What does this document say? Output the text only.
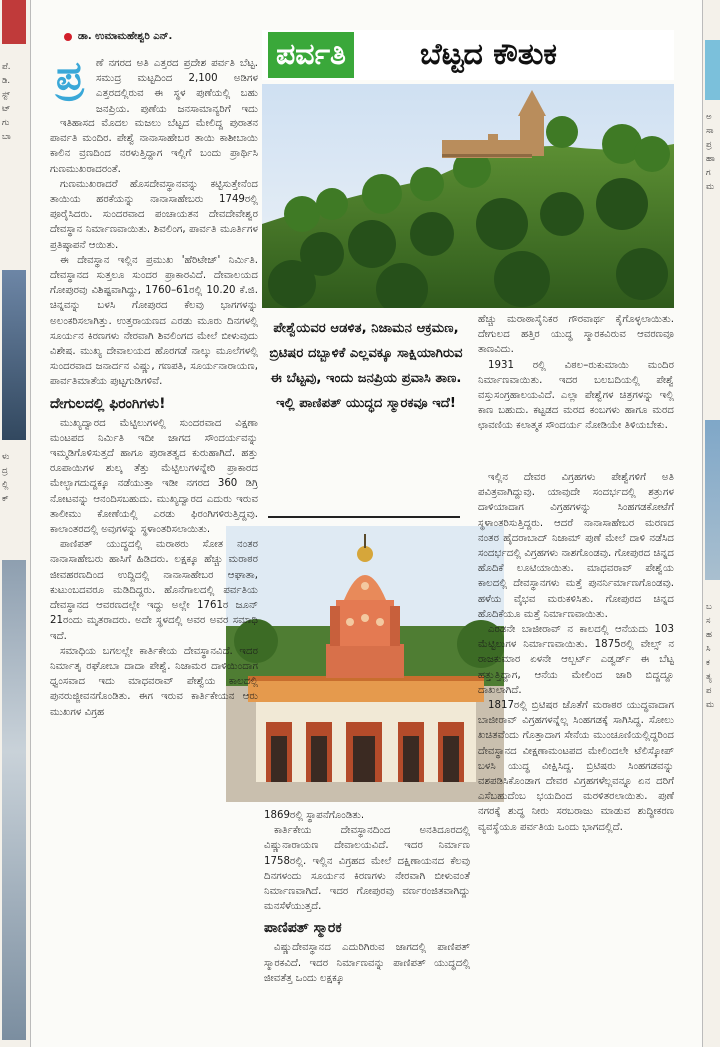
ಪೆ.
ಡಿ.
ಸ್ಟ್
ಟ್
ಗು
ಬಾ
ಳು
ದ್ರ
ಲ್ಲಿ
ಕ್
ಅ
ಸಾ
ಪ್ರ
ಹಾ
ಗ
ಮ
ಬ
ಸ
ಹ
ಸಿ
ಕ
ತ್ಯ
ಪ
ಮ
ಪರ್ವತಿ ಬೆಟ್ಟದ ಕೌತುಕ
ಪೇಶ್ವೆಯವರ ಆಡಳಿತ, ನಿಜಾಮನ ಆಕ್ರಮಣ, ಬ್ರಿಟಿಷರ ದಬ್ಬಾಳಿಕೆ ಎಲ್ಲವಕ್ಕೂ ಸಾಕ್ಷಿಯಾಗಿರುವ ಈ ಬೆಟ್ಟವು, ಇಂದು ಜನಪ್ರಿಯ ಪ್ರವಾಸಿ ತಾಣ. ಇಲ್ಲಿ ಪಾಣಿಪತ್ ಯುದ್ಧದ ಸ್ಮಾರಕವೂ ಇದೆ!
ಡಾ. ಉಮಾಮಹೇಶ್ವರಿ ಎನ್.
ಪ್ರ ಣೆ ನಗರದ ಅತಿ ಎತ್ತರದ ಪ್ರದೇಶ ಪರ್ವತಿ ಬೆಟ್ಟ. ಸಮುದ್ರ ಮಟ್ಟದಿಂದ 2,100 ಅಡಿಗಳ ಎತ್ತರದಲ್ಲಿರುವ ಈ ಸ್ಥಳ ಪುಣೆಯಲ್ಲಿ ಬಹು ಜನಪ್ರಿಯ. ಪುಣೆಯ ಜನಸಾಮಾನ್ಯರಿಗೆ ಇದು

ಇತಿಹಾಸದ ಮೊದಲ ಮಜಲು ಬೆಟ್ಟದ ಮೇಲಿದ್ದ ಪುರಾತನ ಪಾರ್ವತಿ ಮಂದಿರ. ಪೇಶ್ವೆ ನಾನಾಸಾಹೇಬರ ತಾಯಿ ಕಾಶೀಬಾಯಿ ಕಾಲಿನ ವ್ರಣದಿಂದ ನರಳುತ್ತಿದ್ದಾಗ ಇಲ್ಲಿಗೆ ಬಂದು ಪ್ರಾರ್ಥಿಸಿ ಗುಣಮುಖರಾದರಂತೆ.

ಗುಣಮುಖರಾದರೆ ಹೊಸದೇವಸ್ಥಾನವನ್ನು ಕಟ್ಟಿಸುತ್ತೇನೆಂದ ತಾಯಿಯ ಹರಕೆಯನ್ನು ನಾನಾಸಾಹೇಬರು 1749ರಲ್ಲಿ ಪೂರೈಸಿದರು. ಸುಂದರವಾದ ಪಂಚಾಯತನ ದೇವದೇವೇಶ್ವರ ದೇವಸ್ಥಾನ ನಿರ್ಮಾಣವಾಯಿತು. ಶಿವಲಿಂಗ, ಪಾರ್ವತಿ ಮೂರ್ತಿಗಳ ಪ್ರತಿಷ್ಠಾಪನೆ ಆಯಿತು.

ಈ ದೇವಸ್ಥಾನ ಇಲ್ಲಿನ ಪ್ರಮುಖ 'ಹೆರಿಟೇಜ್' ನಿರ್ಮಿತಿ. ದೇವಸ್ಥಾನದ ಸುತ್ತಲೂ ಸುಂದರ ಪ್ರಾಕಾರವಿದೆ. ದೇವಾಲಯದ ಗೋಪುರವು ವಿಶಿಷ್ಟವಾಗಿದ್ದು, 1760–61ರಲ್ಲಿ 10.20 ಕೆ.ಜಿ. ಚಿನ್ನವನ್ನು ಬಳಸಿ ಗೋಪುರದ ಕೆಲವು ಭಾಗಗಳನ್ನು ಅಲಂಕರಿಸಲಾಗಿತ್ತು. ಉತ್ತರಾಯಣದ ಎರಡು ಮೂರು ದಿನಗಳಲ್ಲಿ ಸೂರ್ಯನ ಕಿರಣಗಳು ನೇರವಾಗಿ ಶಿವಲಿಂಗದ ಮೇಲೆ ಬೀಳುವುದು ವಿಶೇಷ. ಮುಖ್ಯ ದೇವಾಲಯದ ಹೊರಗಡೆ ನಾಲ್ಕು ಮೂಲೆಗಳಲ್ಲಿ ಸುಂದರವಾದ ಜನಾರ್ದನ ವಿಷ್ಣು, ಗಣಪತಿ, ಸೂರ್ಯನಾರಾಯಣ, ಪಾರ್ವತಿಮಾತೆಯ ಪುಟ್ಟಗುಡಿಗಳಿವೆ.

ದೇಗುಲದಲ್ಲಿ ಫಿರಂಗಿಗಳು!

ಮುಖ್ಯದ್ವಾರದ ಮೆಟ್ಟಿಲುಗಳಲ್ಲಿ ಸುಂದರವಾದ ವಿಕ್ಷಣಾ ಮಂಟಪದ ನಿರ್ಮಿತಿ ಇದೀ ಜಾಗದ ಸೌಂದರ್ಯವನ್ನು ಇಮ್ಮಡಿಗೊಳಿಸುತ್ತದೆ ಹಾಗೂ ಪುರಾತತ್ವದ ಕುರುಹಾಗಿದೆ. ಹತ್ತು ರೂಪಾಯಿಗಳ ಶುಲ್ಕ ತೆತ್ತು ಮೆಟ್ಟಿಲುಗಳನ್ನೇರಿ ಪ್ರಾಕಾರದ ಮೇಲ್ಭಾಗದುದ್ದಕ್ಕೂ ನಡೆಯುತ್ತಾ ಇಡೀ ನಗರದ 360 ಡಿಗ್ರಿ ನೋಟವನ್ನು ಆನಂದಿಸಬಹುದು. ಮುಖ್ಯದ್ವಾರದ ಎದುರು ಇರುವ ತಾಲೀಮು ಕೋಣೆಯಲ್ಲಿ ಎರಡು ಫಿರಂಗಿಗಳಿರುತ್ತಿದ್ದವು. ಕಾಲಾಂತರದಲ್ಲಿ ಅವುಗಳನ್ನು ಸ್ಥಳಾಂತರಿಸಲಾಯಿತು.

ಪಾಣಿಪತ್ ಯುದ್ಧದಲ್ಲಿ ಮರಾಠರು ಸೋತ ನಂತರ ನಾನಾಸಾಹೇಬರು ಹಾಸಿಗೆ ಹಿಡಿದರು. ಲಕ್ಷಕ್ಕೂ ಹೆಚ್ಚು ಮರಾಠರ ಜೀವಹರಣದಿಂದ ಉದ್ದಿದಲ್ಲಿ ನಾನಾಸಾಹೇಬರ ಆಘಾತಾ, ಕುಟುಂಬದವರೂ ಮಡಿದಿದ್ದರು. ಹೊನೆಗಾಲದಲ್ಲಿ ಪರ್ವತಿಯ ದೇವಸ್ಥಾನದ ಆವರಣದಲ್ಲೇ ಇದ್ದು ಅಲ್ಲೇ 1761ರ ಜೂನ್ 21ರಂದು ಮೃತರಾದರು. ಅದೇ ಸ್ಥಳದಲ್ಲಿ ಅವರ ಅವರ ಸಮಾಧಿ ಇದೆ.

ಸಮಾಧಿಯ ಬಗಲಲ್ಲೇ ಕಾರ್ತಿಕೇಯ ದೇವಸ್ಥಾನವಿದೆ. ಇದರ ನಿರ್ಮಾತೃ ರಘೋಬಾ ದಾದಾ ಪೇಶ್ವೆ. ನಿಜಾಮರ ದಾಳಿಯಿಂದಾಗ ಧ್ವಂಸವಾದ ಇದು ಮಾಧವರಾವ್ ಪೇಶ್ವೆಯ ಕಾಲದಲ್ಲಿ ಪುನರುಜ್ಜೀವನಗೊಂಡಿತು. ಈಗ ಇರುವ ಕಾರ್ತಿಕೇಯನ ಆರು ಮುಖಗಳ ವಿಗ್ರಹ

1869ರಲ್ಲಿ ಸ್ಥಾಪನೆಗೊಂಡಿತು.

ಕಾರ್ತಿಕೇಯ ದೇವಸ್ಥಾನದಿಂದ ಅನತಿದೂರದಲ್ಲಿ ವಿಷ್ಣುನಾರಾಯಣ ದೇವಾಲಯವಿದೆ. ಇದರ ನಿರ್ಮಾಣ 1758ರಲ್ಲಿ. ಇಲ್ಲಿನ ವಿಗ್ರಹದ ಮೇಲೆ ದಕ್ಷಿಣಾಯನದ ಕೆಲವು ದಿನಗಳಂದು ಸೂರ್ಯನ ಕಿರಣಗಳು ನೇರವಾಗಿ ಬೀಳುವಂತೆ ನಿರ್ಮಾಣವಾಗಿದೆ. ಇದರ ಗೋಪುರವು ವರ್ಣರಂಜಿತವಾಗಿದ್ದು ಮನಸೆಳೆಯುತ್ತದೆ.

ಪಾಣಿಪತ್ ಸ್ಮಾರಕ

ವಿಷ್ಣುದೇವಸ್ಥಾನದ ಎದುರಿಗಿರುವ ಜಾಗದಲ್ಲಿ ಪಾಣಿಪತ್ ಸ್ಮಾರಕವಿದೆ. ಇದರ ನಿರ್ಮಾಣವನ್ನು ಪಾಣಿಪತ್ ಯುದ್ಧದಲ್ಲಿ ಜೀವತೆತ್ತ ಒಂದು ಲಕ್ಷಕ್ಕೂ

ಹೆಚ್ಚು ಮರಾಠಾಸೈನಿಕರ ಗೌರವಾರ್ಥ ಕೈಗೊಳ್ಳಲಾಯಿತು. ದೇಗುಲದ ಹತ್ತಿರ ಯುದ್ಧ ಸ್ಮಾರಕವಿರುವ ಆವರಣವೂ ತಾಣವಿದು.

1931 ರಲ್ಲಿ ವಿಠಲ–ರುಕುಮಾಯಿ ಮಂದಿರ ನಿರ್ಮಾಣವಾಯಿತು. ಇದರ ಬಲಬದಿಯಲ್ಲಿ ಪೇಶ್ವೆ ವಸ್ತುಸಂಗ್ರಹಾಲಯವಿದೆ. ಎಲ್ಲಾ ಪೇಶ್ವೆಗಳ ಚಿತ್ರಗಳನ್ನು ಇಲ್ಲಿ ಕಾಣ ಬಹುದು. ಕಟ್ಟಡದ ಮರದ ಕಂಬಗಳು ಹಾಗೂ ಮರದ ಛಾವಣಿಯ ಕಲಾತ್ಮಕ ಸೌಂದರ್ಯ ನೋಡಿಯೇ ತಿಳಿಯಬೇಕು.

ಇಲ್ಲಿನ ದೇವರ ವಿಗ್ರಹಗಳು ಪೇಶ್ವೆಗಳಿಗೆ ಅತಿ ಪವಿತ್ರವಾಗಿದ್ದುವು. ಯಾವುದೇ ಸಂದರ್ಭದಲ್ಲಿ ಶತ್ರುಗಳ ದಾಳಿಯಾದಾಗ ವಿಗ್ರಹಗಳನ್ನು ಸಿಂಹಗಡಕೋಟೆಗೆ ಸ್ಥಳಾಂತರಿಸುತ್ತಿದ್ದರು. ಆದರೆ ನಾನಾಸಾಹೇಬರ ಮರಣದ ನಂತರ ಹೈದರಾಬಾದ್ ನಿಜಾಮ್ ಪುಣೆ ಮೇಲೆ ದಾಳಿ ನಡೆಸಿದ ಸಂದರ್ಭದಲ್ಲಿ ವಿಗ್ರಹಗಳು ನಾಶಗೊಂಡವು. ಗೋಪುರದ ಚಿನ್ನದ ಹೊದಿಕೆ ಲೂಟಿಯಾಯಿತು. ಮಾಧವರಾವ್ ಪೇಶ್ವೆಯ ಕಾಲದಲ್ಲಿ ದೇವಸ್ಥಾನಗಳು ಮತ್ತೆ ಪುನರ್ನಿರ್ಮಾಣಗೊಂಡವು. ಹಳೆಯ ವೈಭವ ಮರುಕಳಿಸಿತು. ಗೋಪುರದ ಚಿನ್ನದ ಹೊದಿಕೆಯೂ ಮತ್ತೆ ನಿರ್ಮಾಣವಾಯಿತು.

ಎರಡನೇ ಬಾಜೀರಾವ್ ನ ಕಾಲದಲ್ಲಿ ಆನೆಯದು 103 ಮೆಟ್ಟಿಲುಗಳ ನಿರ್ಮಾಣವಾಯಿತು. 1875ರಲ್ಲಿ ವೇಲ್ಸ್ ನ ರಾಜಕುಮಾರ ಏಳನೇ ಆಲ್ಬರ್ಟ್ ಎಡ್ವರ್ಡ್ ಈ ಬೆಟ್ಟ ಹತ್ತುತ್ತಿದ್ದಾಗ, ಆನೆಯ ಮೇಲಿಂದ ಜಾರಿ ಬಿದ್ದದ್ದೂ ದಾಖಲಾಗಿದೆ.

1817ರಲ್ಲಿ ಬ್ರಿಟಿಷರ ಜೊತೆಗೆ ಮರಾಠರ ಯುದ್ಧವಾದಾಗ ಬಾಜೀರಾವ್ ವಿಗ್ರಹಗಳನ್ನೆಲ್ಲ ಸಿಂಹಗಡಕ್ಕೆ ಸಾಗಿಸಿದ್ದ. ಸೋಲು ಖಚಿತವೆಂದು ಗೊತ್ತಾದಾಗ ಸೇನೆಯ ಮುಂಚೂಣಿಯಲ್ಲಿದ್ದರಿಂದ ದೇವಸ್ಥಾನದ ವೀಕ್ಷಣಾಮಂಟಪದ ಮೇಲಿಂದಲೇ ಟೆಲಿಸ್ಕೋಪ್ ಬಳಸಿ ಯುದ್ಧ ವೀಕ್ಷಿಸಿದ್ದ. ಬ್ರಿಟಿಷರು ಸಿಂಹಗಡವನ್ನು ವಶಪಡಿಸಿಕೊಂಡಾಗ ದೇವರ ವಿಗ್ರಹಗಳೆಲ್ಲವನ್ನೂ ಏನ ದರಿಗೆ ಎಸೆಬಹುದೆಂಬ ಭಯದಿಂದ ಮರಳಿತರಲಾಯಿತು. ಪುಣೆ ನಗರಕ್ಕೆ ಶುದ್ಧ ನೀರು ಸರಬರಾಜು ಮಾಡುವ ಶುದ್ಧೀಕರಣ ವ್ಯವಸ್ಥೆಯೂ ಪರ್ವತಿಯ ಒಂದು ಭಾಗದಲ್ಲಿದೆ.
